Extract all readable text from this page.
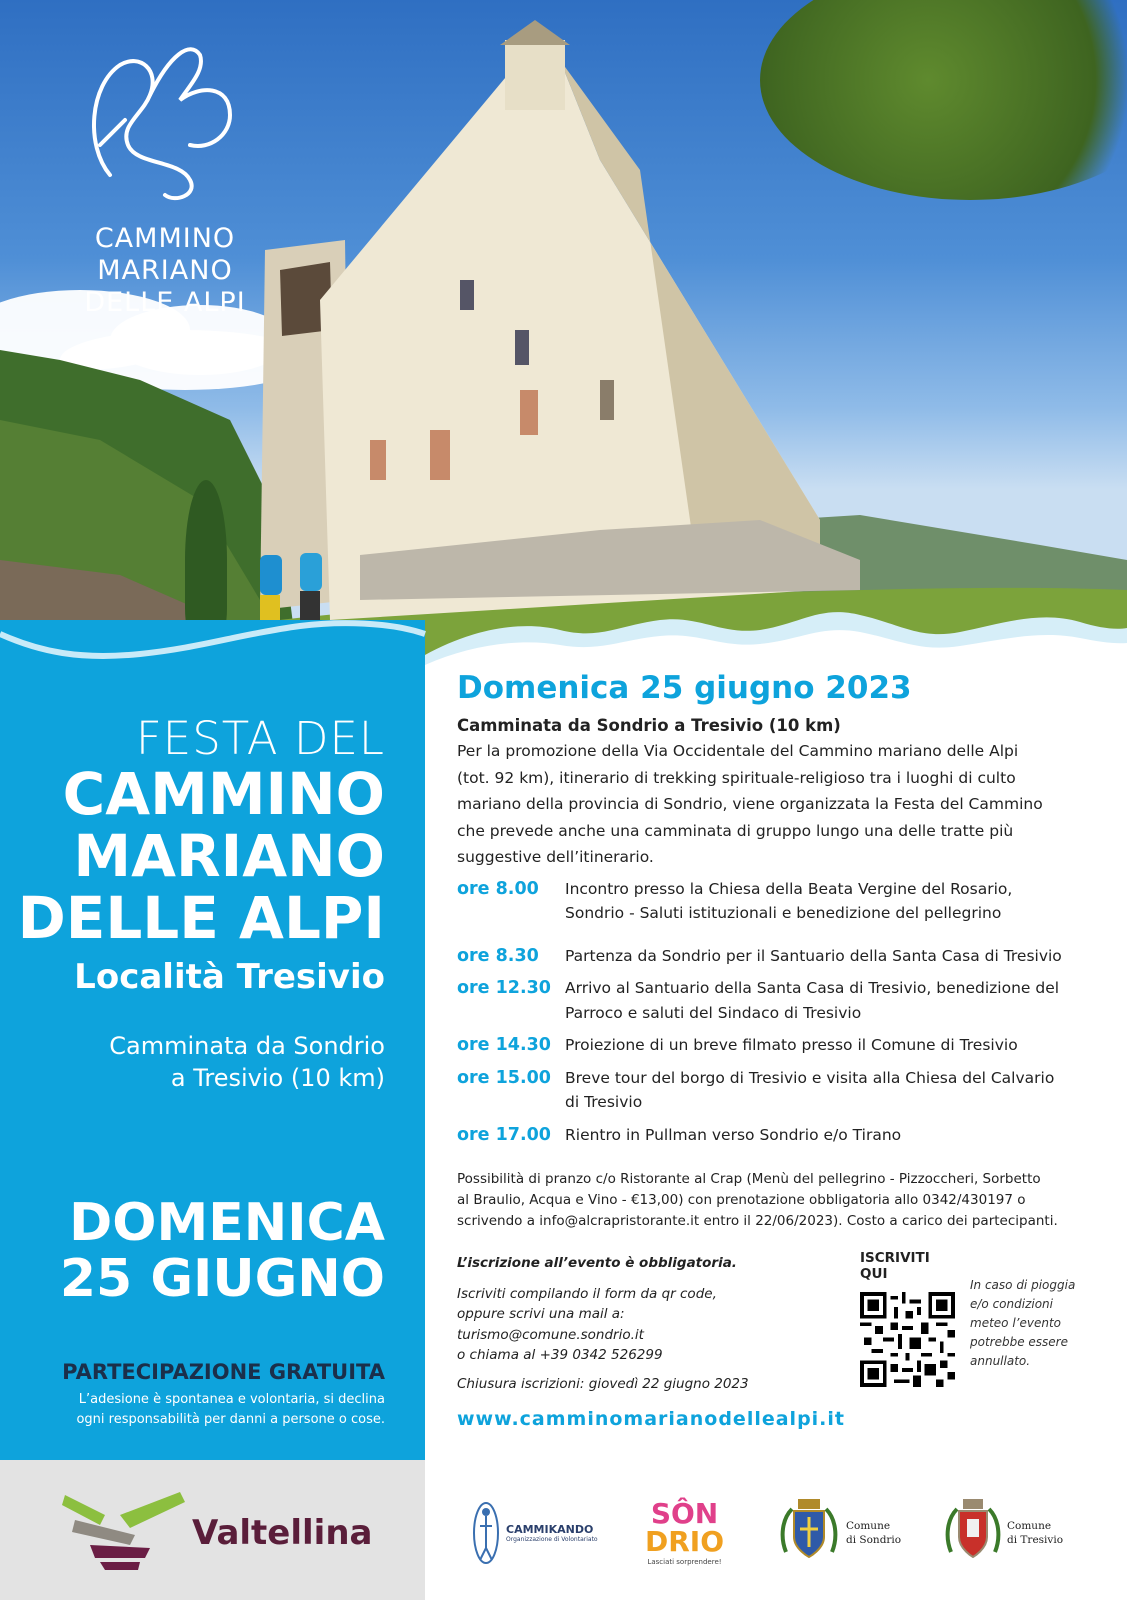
CAMMINO
MARIANO
DELLE ALPI
FESTA DEL
CAMMINO
MARIANO
DELLE ALPI
Località Tresivio
Camminata da Sondrio
a Tresivio (10 km)
DOMENICA
25 GIUGNO
PARTECIPAZIONE GRATUITA
L’adesione è spontanea e volontaria, si declina
ogni responsabilità per danni a persone o cose.
Domenica 25 giugno 2023
Camminata da Sondrio a Tresivio (10 km)
Per la promozione della Via Occidentale del Cammino mariano delle Alpi
(tot. 92 km), itinerario di trekking spirituale-religioso tra i luoghi di culto
mariano della provincia di Sondrio, viene organizzata la Festa del Cammino
che prevede anche una camminata di gruppo lungo una delle tratte più
suggestive dell’itinerario.
ore 8.00	Incontro presso la Chiesa della Beata Vergine del Rosario,
Sondrio - Saluti istituzionali e benedizione del pellegrino
ore 8.30	Partenza da Sondrio per il Santuario della Santa Casa di Tresivio
ore 12.30 Arrivo al Santuario della Santa Casa di Tresivio, benedizione del
Parroco e saluti del Sindaco di Tresivio
ore 14.30 Proiezione di un breve filmato presso il Comune di Tresivio
ore 15.00 Breve tour del borgo di Tresivio e visita alla Chiesa del Calvario
di Tresivio
ore 17.00 Rientro in Pullman verso Sondrio e/o Tirano
Possibilità di pranzo c/o Ristorante al Crap (Menù del pellegrino - Pizzoccheri, Sorbetto
al Braulio, Acqua e Vino - €13,00) con prenotazione obbligatoria allo 0342/430197 o
scrivendo a info@alcrapristorante.it entro il 22/06/2023). Costo a carico dei partecipanti.
L’iscrizione all’evento è obbligatoria.
Iscriviti compilando il form da qr code,
oppure scrivi una mail a:
turismo@comune.sondrio.it
o chiama al +39 0342 526299
Chiusura iscrizioni: giovedì 22 giugno 2023
ISCRIVITI QUI
In caso di pioggia
e/o condizioni
meteo l’evento
potrebbe essere
annullato.
www.camminomarianodellealpi.it
Valtellina	CAMMIKANDO
Organizzazione di Volontariato
SÔN
DRIO
Lasciati sorprendere!
Comune
di Sondrio
Comune
di Tresivio
